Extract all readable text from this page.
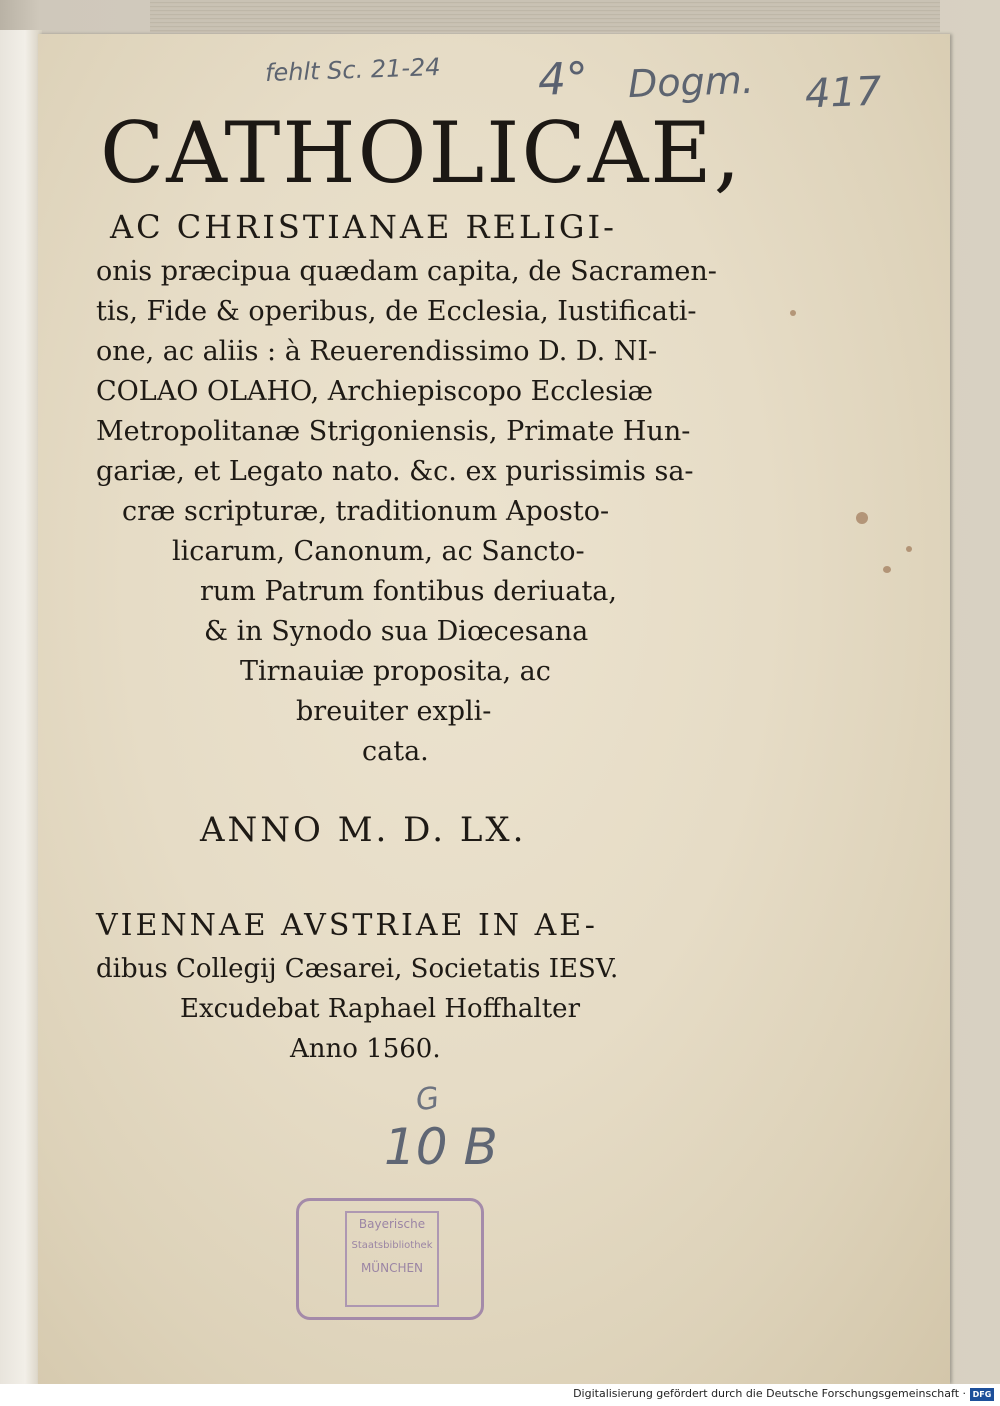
fehlt Sc. 21-24 4° Dogm. 417
CATHOLICAE,
AC CHRISTIANAE RELIGI-
onis præcipua quædam capita, de Sacramen-
tis, Fide & operibus, de Ecclesia, Iustificati-
one, ac aliis : à Reuerendissimo D. D. NI-
COLAO OLAHO, Archiepiscopo Ecclesiæ
Metropolitanæ Strigoniensis, Primate Hun-
gariæ, et Legato nato. &c. ex purissimis sa-
cræ scripturæ, traditionum Aposto-
licarum, Canonum, ac Sancto-
rum Patrum fontibus deriuata,
& in Synodo sua Diœcesana
Tirnauiæ proposita, ac
breuiter expli-
cata.
ANNO M. D. LX.
VIENNAE AVSTRIAE IN AE-
dibus Collegij Cæsarei, Societatis IESV.
Excudebat Raphael Hoffhalter
Anno 1560.
G
10 B
Bayerische
Staatsbibliothek
MÜNCHEN
Digitalisierung gefördert durch die Deutsche Forschungsgemeinschaft · DFG
